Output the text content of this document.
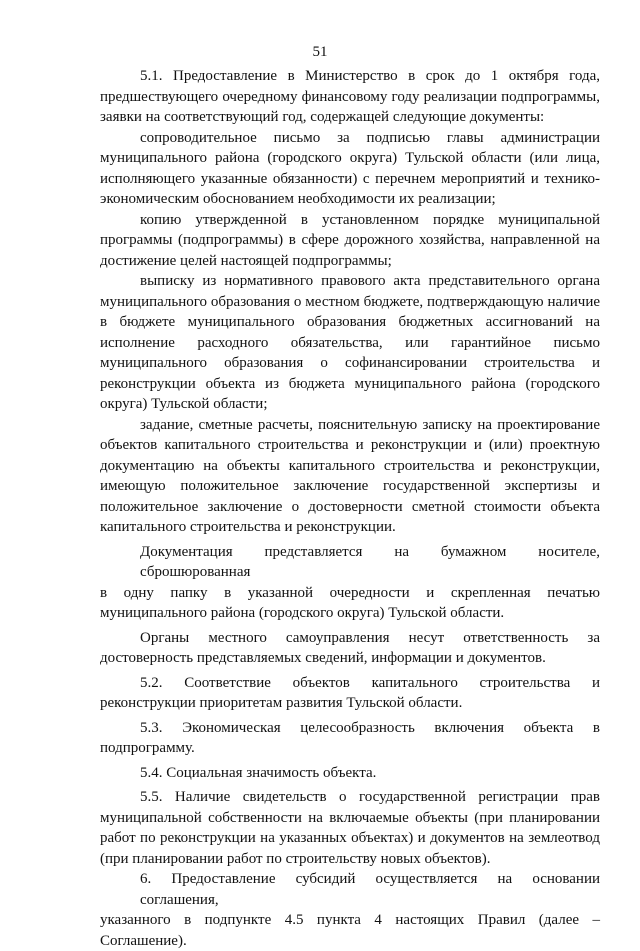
51
5.1. Предоставление в Министерство в срок до 1 октября года,
предшествующего очередному финансовому году реализации подпрограммы,
заявки на соответствующий год, содержащей следующие документы:
сопроводительное письмо за подписью главы администрации
муниципального района (городского округа) Тульской области (или лица,
исполняющего указанные обязанности) с перечнем мероприятий и технико-
экономическим обоснованием необходимости их реализации;
копию утвержденной в установленном порядке муниципальной
программы (подпрограммы) в сфере дорожного хозяйства, направленной на
достижение целей настоящей подпрограммы;
выписку из нормативного правового акта представительного органа
муниципального образования о местном бюджете, подтверждающую наличие
в бюджете муниципального образования бюджетных ассигнований на
исполнение расходного обязательства, или гарантийное письмо
муниципального образования о софинансировании строительства и
реконструкции объекта из бюджета муниципального района (городского
округа) Тульской области;
задание, сметные расчеты, пояснительную записку на проектирование
объектов капитального строительства и реконструкции и (или) проектную
документацию на объекты капитального строительства и реконструкции,
имеющую положительное заключение государственной экспертизы и
положительное заключение о достоверности сметной стоимости объекта
капитального строительства и реконструкции.
Документация представляется на бумажном носителе, сброшюрованная
в одну папку в указанной очередности и скрепленная печатью
муниципального района (городского округа) Тульской области.
Органы местного самоуправления несут ответственность за
достоверность представляемых сведений, информации и документов.
5.2. Соответствие объектов капитального строительства и
реконструкции приоритетам развития Тульской области.
5.3. Экономическая целесообразность включения объекта в
подпрограмму.
5.4. Социальная значимость объекта.
5.5. Наличие свидетельств о государственной регистрации прав
муниципальной собственности на включаемые объекты (при планировании
работ по реконструкции на указанных объектах) и документов на землеотвод
(при планировании работ по строительству новых объектов).
6. Предоставление субсидий осуществляется на основании соглашения,
указанного в подпункте 4.5 пункта 4 настоящих Правил (далее –
Соглашение).
